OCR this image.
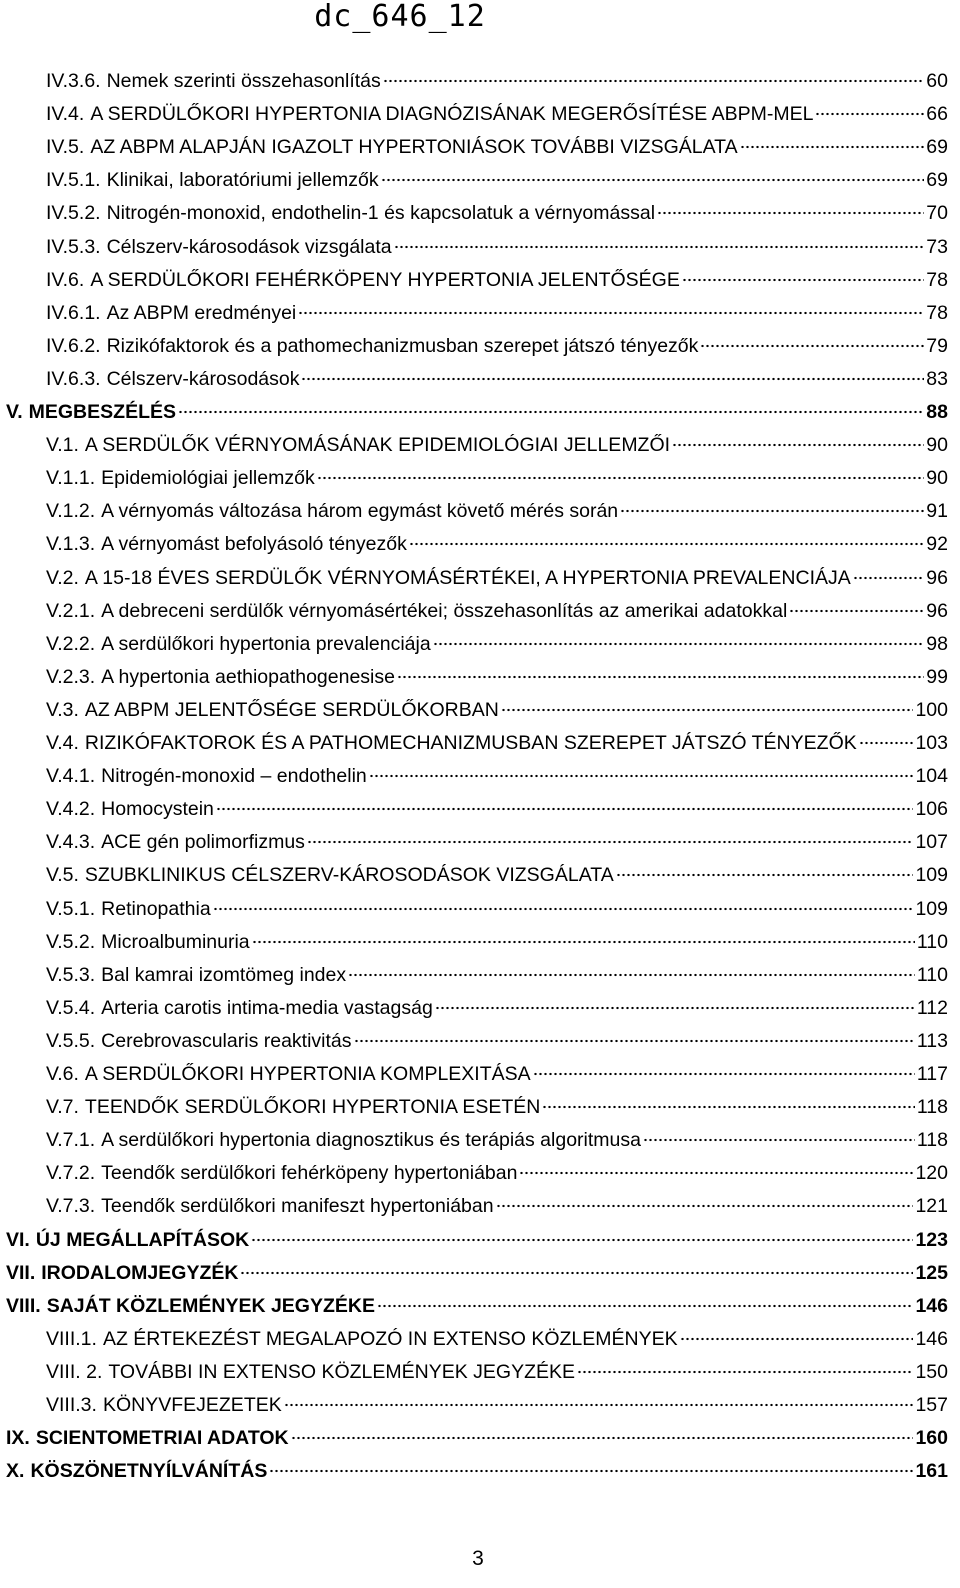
dc_646_12
IV.3.6. Nemek szerinti összehasonlítás	60
IV.4. A SERDÜLŐKORI HYPERTONIA DIAGNÓZISÁNAK MEGERŐSÍTÉSE ABPM-MEL	66
IV.5. AZ ABPM ALAPJÁN IGAZOLT HYPERTONIÁSOK TOVÁBBI VIZSGÁLATA	69
IV.5.1. Klinikai, laboratóriumi jellemzők	69
IV.5.2. Nitrogén-monoxid, endothelin-1 és kapcsolatuk a vérnyomással	70
IV.5.3. Célszerv-károsodások vizsgálata	73
IV.6. A SERDÜLŐKORI FEHÉRKÖPENY HYPERTONIA JELENTŐSÉGE	78
IV.6.1. Az ABPM eredményei	78
IV.6.2. Rizikófaktorok és a pathomechanizmusban szerepet játszó tényezők	79
IV.6.3. Célszerv-károsodások	83
V. MEGBESZÉLÉS	88
V.1. A SERDÜLŐK VÉRNYOMÁSÁNAK EPIDEMIOLÓGIAI JELLEMZŐI	90
V.1.1. Epidemiológiai jellemzők	90
V.1.2. A vérnyomás változása három egymást követő mérés során	91
V.1.3. A vérnyomást befolyásoló tényezők	92
V.2. A 15-18 ÉVES SERDÜLŐK VÉRNYOMÁSÉRTÉKEI, A HYPERTONIA PREVALENCIÁJA	96
V.2.1. A debreceni serdülők vérnyomásértékei; összehasonlítás az amerikai adatokkal	96
V.2.2. A serdülőkori hypertonia prevalenciája	98
V.2.3. A hypertonia aethiopathogenesise	99
V.3. AZ ABPM JELENTŐSÉGE SERDÜLŐKORBAN	100
V.4. RIZIKÓFAKTOROK ÉS A PATHOMECHANIZMUSBAN SZEREPET JÁTSZÓ TÉNYEZŐK	103
V.4.1. Nitrogén-monoxid – endothelin	104
V.4.2. Homocystein	106
V.4.3. ACE gén polimorfizmus	107
V.5. SZUBKLINIKUS CÉLSZERV-KÁROSODÁSOK VIZSGÁLATA	109
V.5.1. Retinopathia	109
V.5.2. Microalbuminuria	110
V.5.3. Bal kamrai izomtömeg index	110
V.5.4. Arteria carotis intima-media vastagság	112
V.5.5. Cerebrovascularis reaktivitás	113
V.6. A SERDÜLŐKORI HYPERTONIA KOMPLEXITÁSA	117
V.7. TEENDŐK SERDÜLŐKORI HYPERTONIA ESETÉN	118
V.7.1. A serdülőkori hypertonia diagnosztikus és terápiás algoritmusa	118
V.7.2. Teendők serdülőkori fehérköpeny hypertoniában	120
V.7.3. Teendők serdülőkori manifeszt hypertoniában	121
VI. ÚJ MEGÁLLAPÍTÁSOK	123
VII. IRODALOMJEGYZÉK	125
VIII. SAJÁT KÖZLEMÉNYEK JEGYZÉKE	146
VIII.1. AZ ÉRTEKEZÉST MEGALAPOZÓ IN EXTENSO KÖZLEMÉNYEK	146
VIII. 2. TOVÁBBI IN EXTENSO KÖZLEMÉNYEK JEGYZÉKE	150
VIII.3. KÖNYVFEJEZETEK	157
IX. SCIENTOMETRIAI ADATOK	160
X. KÖSZÖNETNYÍLVÁNÍTÁS	161
3
